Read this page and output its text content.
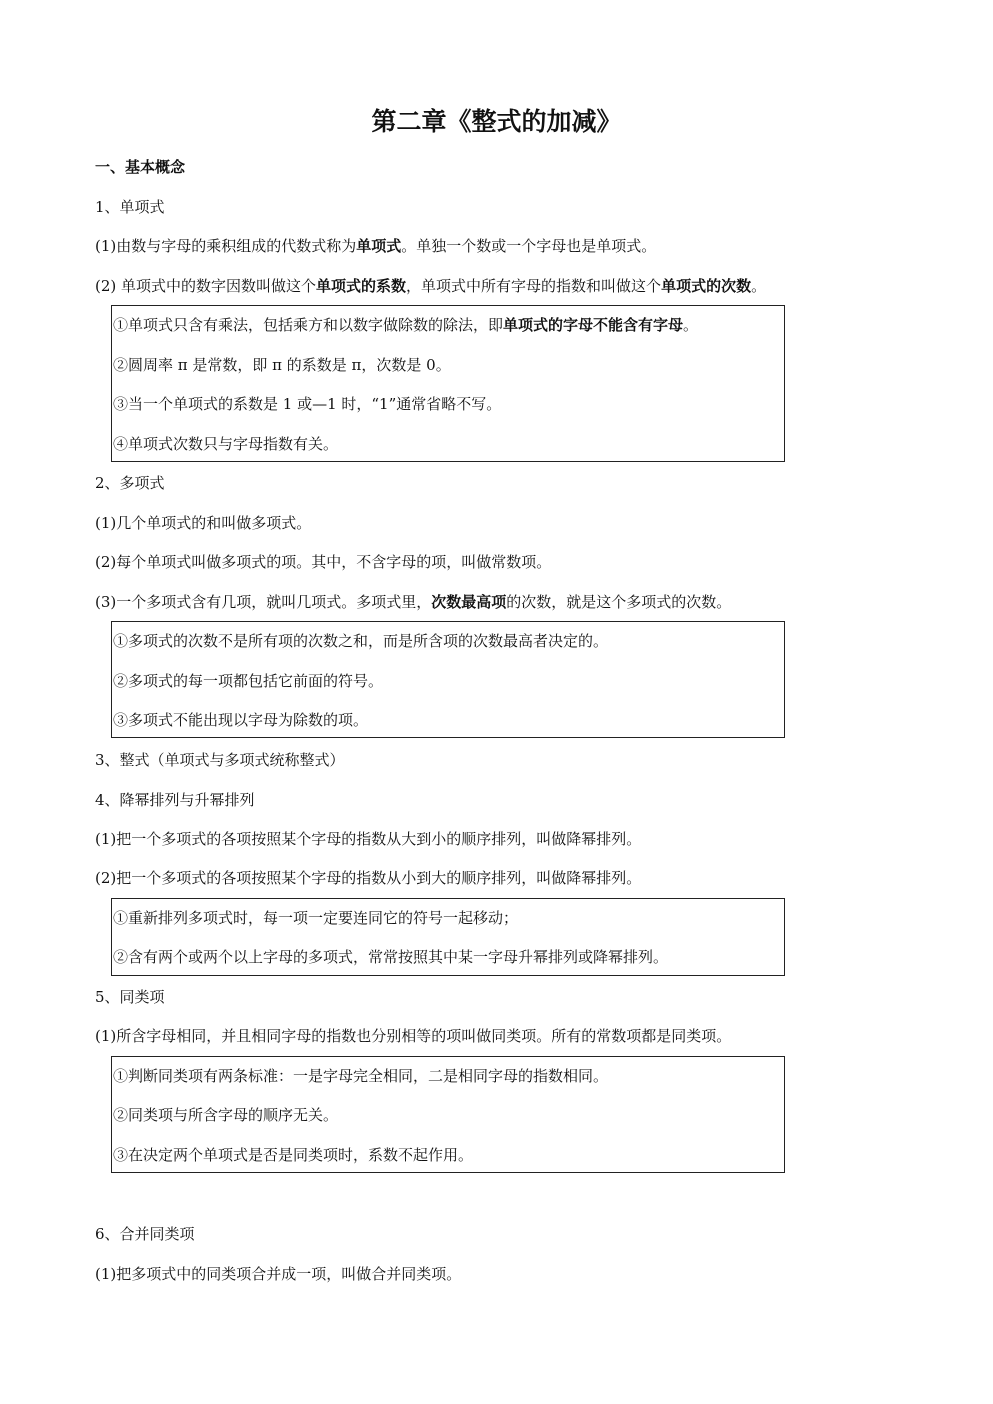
第二章《整式的加减》
一、基本概念
1、单项式
(1)由数与字母的乘积组成的代数式称为单项式。单独一个数或一个字母也是单项式。
(2) 单项式中的数字因数叫做这个单项式的系数，单项式中所有字母的指数和叫做这个单项式的次数。
①单项式只含有乘法，包括乘方和以数字做除数的除法，即单项式的字母不能含有字母。
②圆周率 π 是常数，即 π 的系数是 π，次数是 0。
③当一个单项式的系数是 1 或—1 时，“1”通常省略不写。
④单项式次数只与字母指数有关。
2、多项式
(1)几个单项式的和叫做多项式。
(2)每个单项式叫做多项式的项。其中，不含字母的项，叫做常数项。
(3)一个多项式含有几项，就叫几项式。多项式里，次数最高项的次数，就是这个多项式的次数。
①多项式的次数不是所有项的次数之和，而是所含项的次数最高者决定的。
②多项式的每一项都包括它前面的符号。
③多项式不能出现以字母为除数的项。
3、整式（单项式与多项式统称整式）
4、降幂排列与升幂排列
(1)把一个多项式的各项按照某个字母的指数从大到小的顺序排列，叫做降幂排列。
(2)把一个多项式的各项按照某个字母的指数从小到大的顺序排列，叫做降幂排列。
①重新排列多项式时，每一项一定要连同它的符号一起移动；
②含有两个或两个以上字母的多项式，常常按照其中某一字母升幂排列或降幂排列。
5、同类项
(1)所含字母相同，并且相同字母的指数也分别相等的项叫做同类项。所有的常数项都是同类项。
①判断同类项有两条标准：一是字母完全相同，二是相同字母的指数相同。
②同类项与所含字母的顺序无关。
③在决定两个单项式是否是同类项时，系数不起作用。
6、合并同类项
(1)把多项式中的同类项合并成一项，叫做合并同类项。
